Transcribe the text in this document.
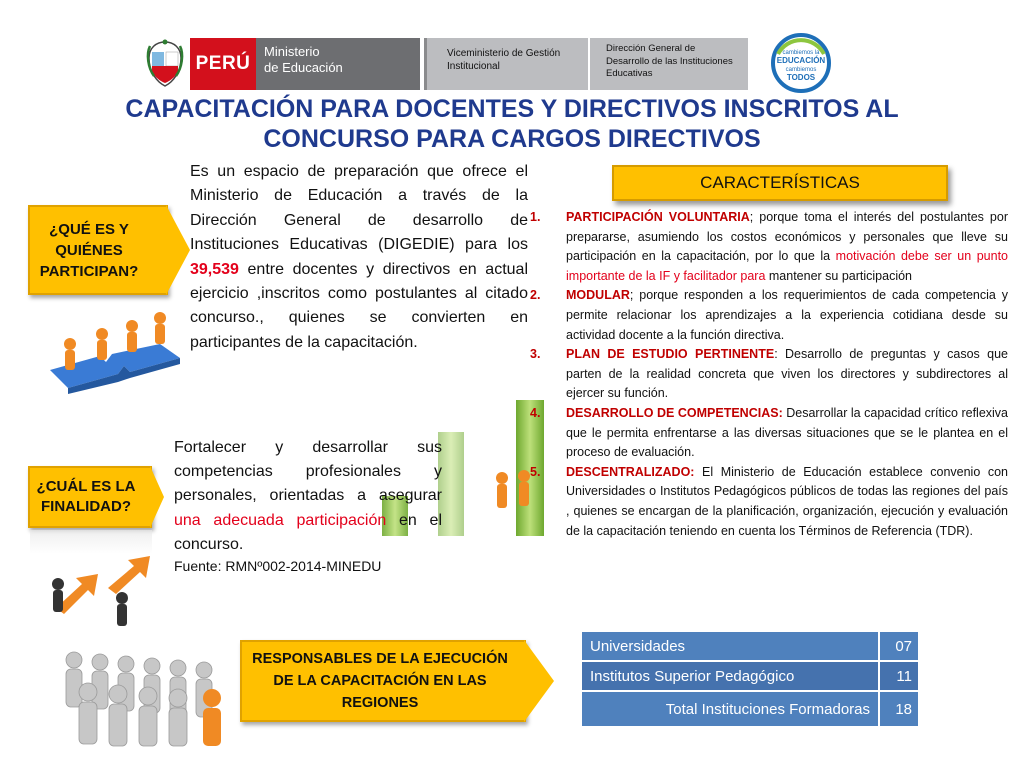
PERÚ
Ministerio
de Educación
Viceministerio de Gestión Institucional
Dirección General de Desarrollo de las Instituciones Educativas
cambiemos la
EDUCACIÓN
cambiemos
TODOS
CAPACITACIÓN PARA DOCENTES Y DIRECTIVOS INSCRITOS AL
CONCURSO PARA CARGOS DIRECTIVOS
¿QUÉ ES Y QUIÉNES PARTICIPAN?
¿CUÁL ES LA FINALIDAD?
RESPONSABLES DE LA EJECUCIÓN DE LA CAPACITACIÓN EN LAS REGIONES
Es un espacio de preparación que ofrece el Ministerio de Educación a través de la Dirección General de desarrollo de Instituciones Educativas (DIGEDIE) para los 39,539 entre docentes y directivos en actual ejercicio ,inscritos como postulantes al citado concurso., quienes se convierten en participantes de la capacitación.
Fortalecer y desarrollar sus competencias profesionales y personales, orientadas a asegurar una adecuada participación en el concurso.
Fuente: RMNº002-2014-MINEDU
CARACTERÍSTICAS
1. PARTICIPACIÓN VOLUNTARIA; porque toma el interés del postulantes por prepararse, asumiendo los costos económicos y personales que lleve su participación en la capacitación, por lo que la motivación debe ser un punto importante de la IF y facilitador para mantener su participación
2. MODULAR; porque responden a los requerimientos de cada competencia y permite relacionar los aprendizajes a la experiencia cotidiana desde su actividad docente a la función directiva.
3. PLAN DE ESTUDIO PERTINENTE: Desarrollo de preguntas y casos que parten de la realidad concreta que viven los directores y subdirectores al ejercer su función.
4. DESARROLLO DE COMPETENCIAS: Desarrollar la capacidad crítico reflexiva que le permita enfrentarse a las diversas situaciones que se le plantea en el proceso de evaluación.
5. DESCENTRALIZADO: El Ministerio de Educación establece convenio con Universidades o Institutos Pedagógicos públicos de todas las regiones del país , quienes se encargan de la planificación, organización, ejecución y evaluación de la capacitación teniendo en cuenta los Términos de Referencia (TDR).
Universidades	07
Institutos Superior Pedagógico	11
Total Instituciones Formadoras	18
